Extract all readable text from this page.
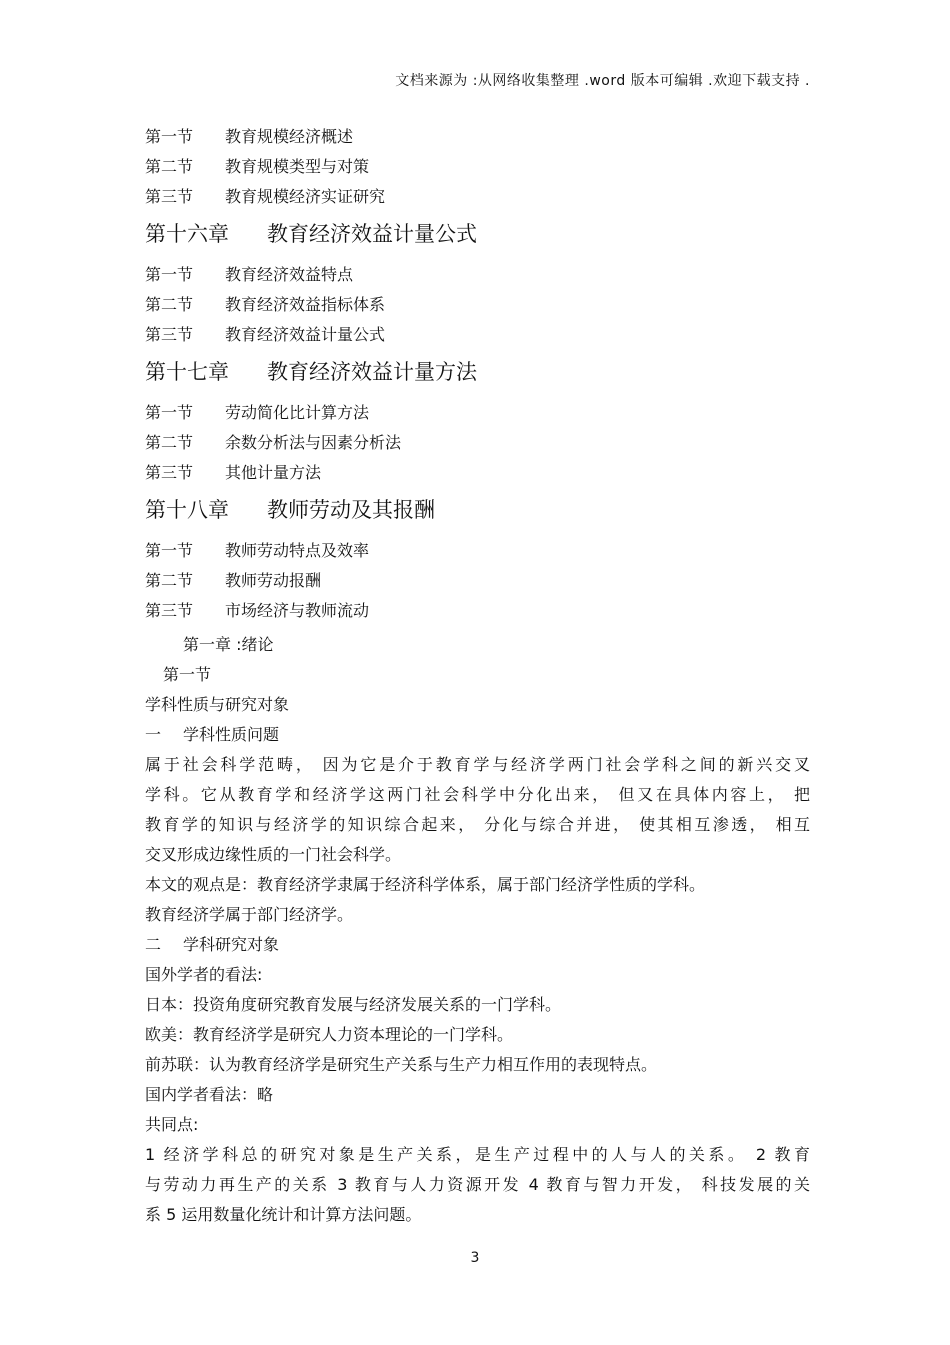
文档来源为 :从网络收集整理 .word 版本可编辑 .欢迎下载支持 .
第一节 教育规模经济概述
第二节 教育规模类型与对策
第三节 教育规模经济实证研究
第十六章 教育经济效益计量公式
第一节 教育经济效益特点
第二节 教育经济效益指标体系
第三节 教育经济效益计量公式
第十七章 教育经济效益计量方法
第一节 劳动简化比计算方法
第二节 余数分析法与因素分析法
第三节 其他计量方法
第十八章 教师劳动及其报酬
第一节 教师劳动特点及效率
第二节 教师劳动报酬
第三节 市场经济与教师流动
第一章 :绪论
第一节
学科性质与研究对象
一 学科性质问题
属于社会科学范畴， 因为它是介于教育学与经济学两门社会学科之间的新兴交叉
学科。它从教育学和经济学这两门社会科学中分化出来， 但又在具体内容上， 把
教育学的知识与经济学的知识综合起来， 分化与综合并进， 使其相互渗透， 相互
交叉形成边缘性质的一门社会科学。
本文的观点是：教育经济学隶属于经济科学体系，属于部门经济学性质的学科。
教育经济学属于部门经济学。
二 学科研究对象
国外学者的看法:
日本：投资角度研究教育发展与经济发展关系的一门学科。
欧美：教育经济学是研究人力资本理论的一门学科。
前苏联：认为教育经济学是研究生产关系与生产力相互作用的表现特点。
国内学者看法：略
共同点:
1 经济学科总的研究对象是生产关系，是生产过程中的人与人的关系。 2 教育
与劳动力再生产的关系 3 教育与人力资源开发 4 教育与智力开发， 科技发展的关
系 5 运用数量化统计和计算方法问题。
3
